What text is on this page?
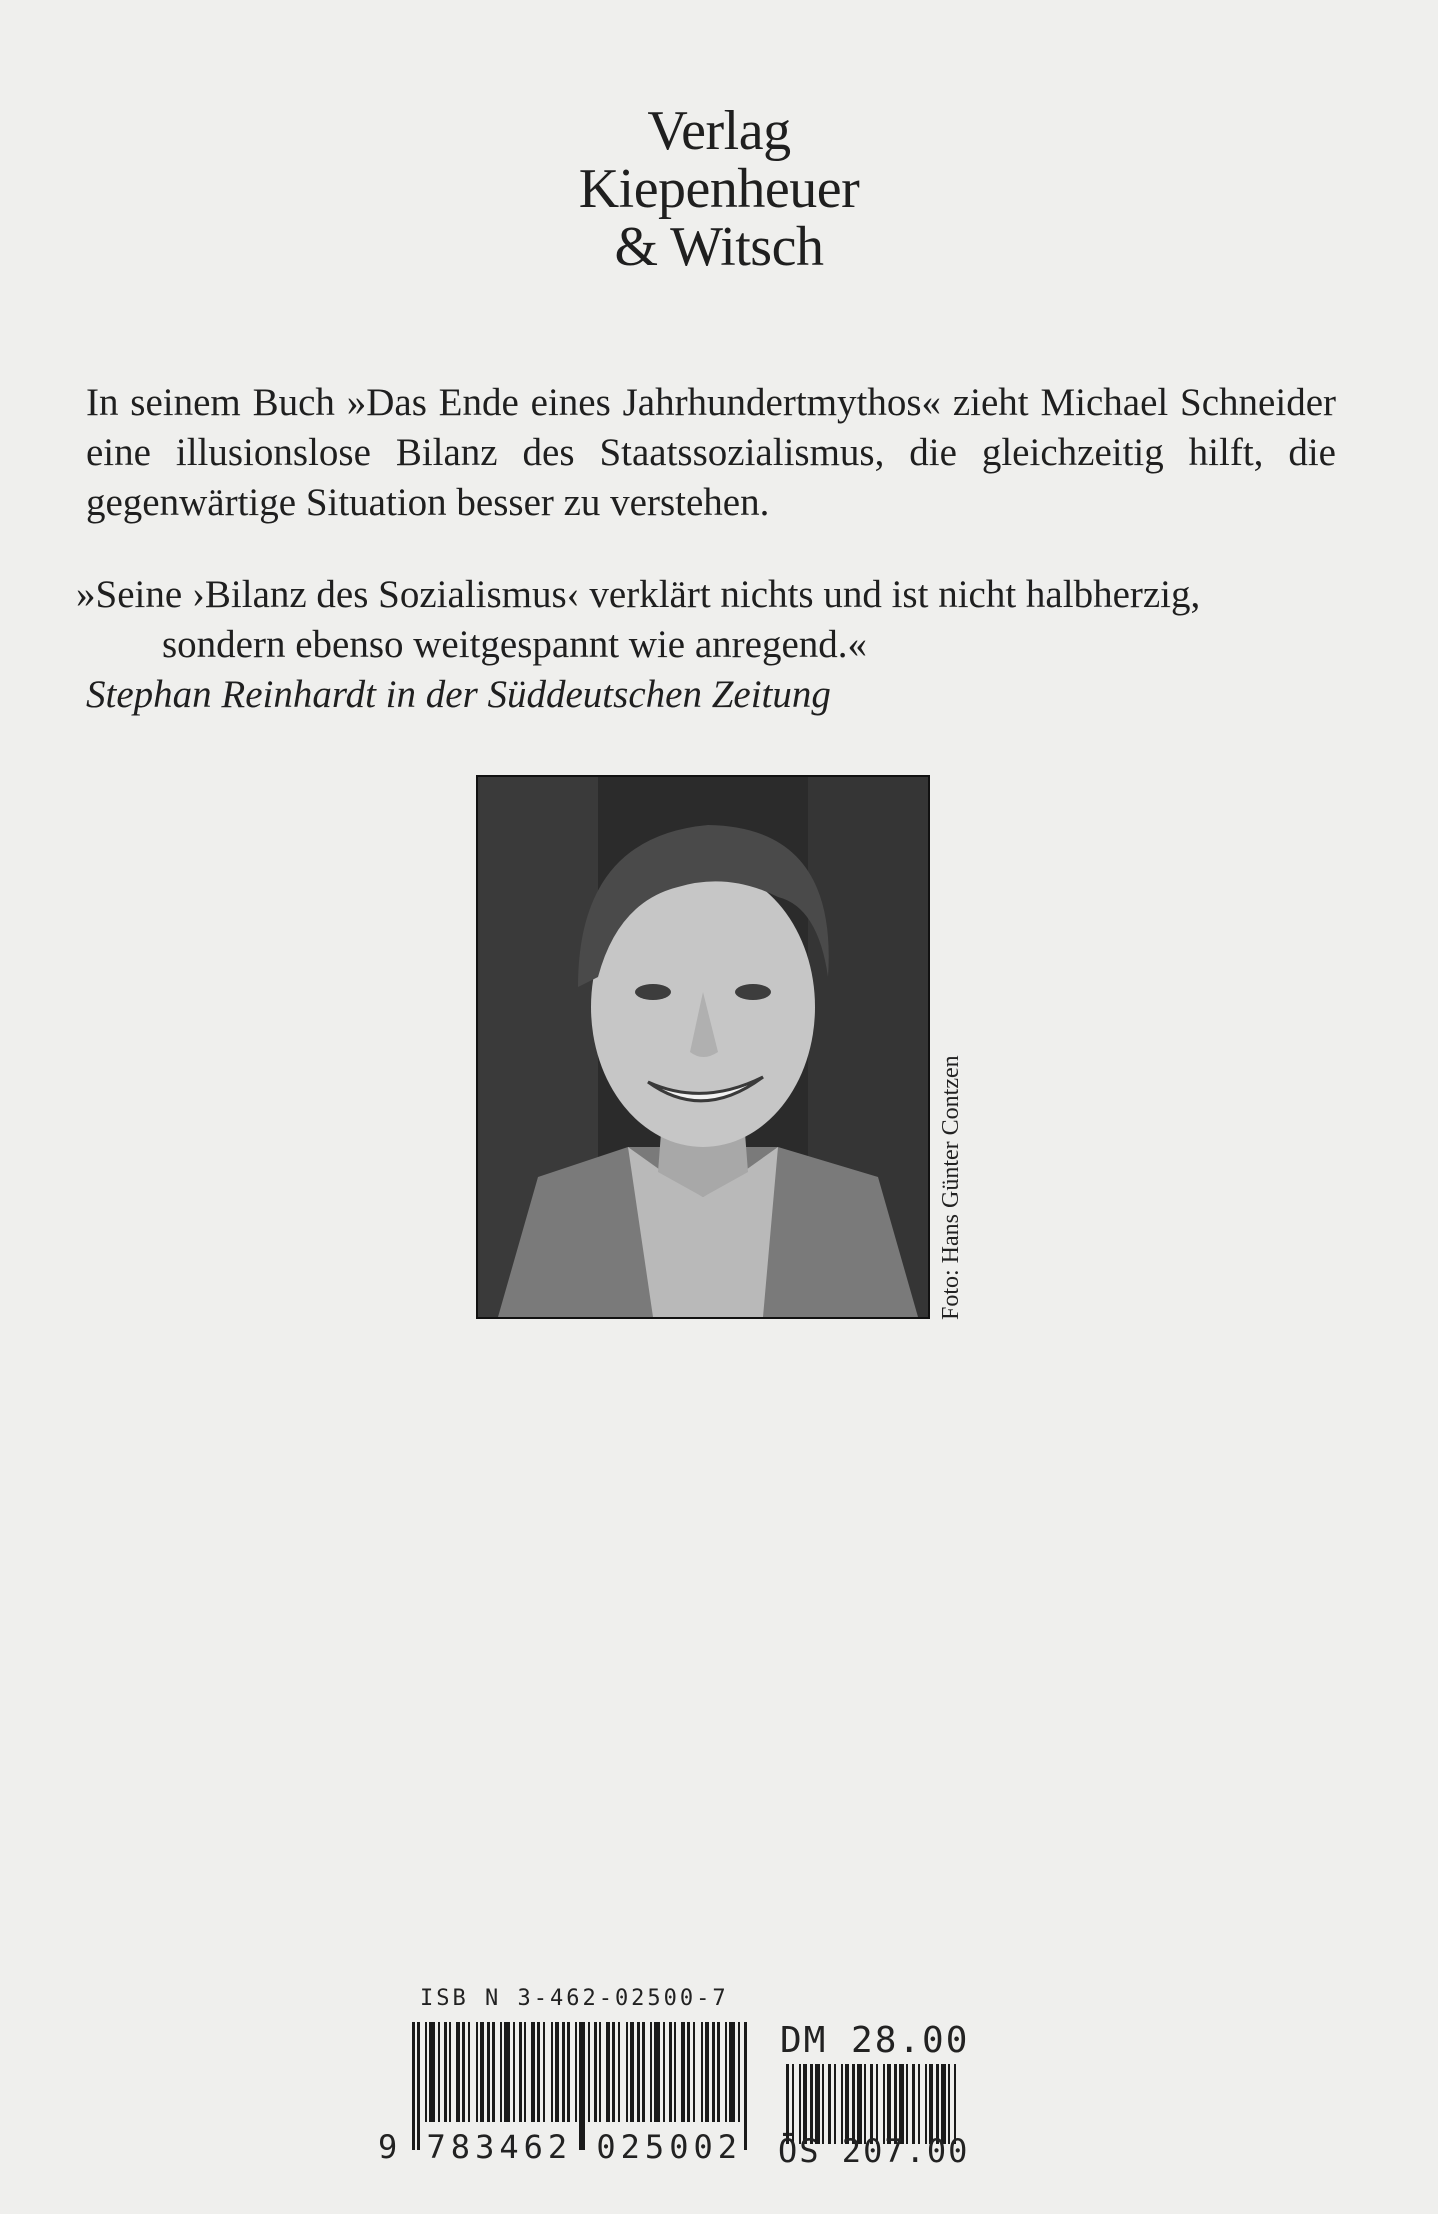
Verlag
Kiepenheuer
& Witsch

In seinem Buch »Das Ende eines Jahrhundertmythos« zieht Michael Schneider eine illusionslose Bilanz des Staatssozialismus, die gleichzeitig hilft, die gegenwärtige Situation besser zu verstehen.

»Seine ›Bilanz des Sozialismus‹ verklärt nichts und ist nicht halbherzig,
sondern ebenso weitgespannt wie anregend.«
Stephan Reinhardt in der Süddeutschen Zeitung
Foto: Hans Günter Contzen
ISB N 3-462-02500-7
9 783462 025002
DM 28.00
ÖS 207.00
